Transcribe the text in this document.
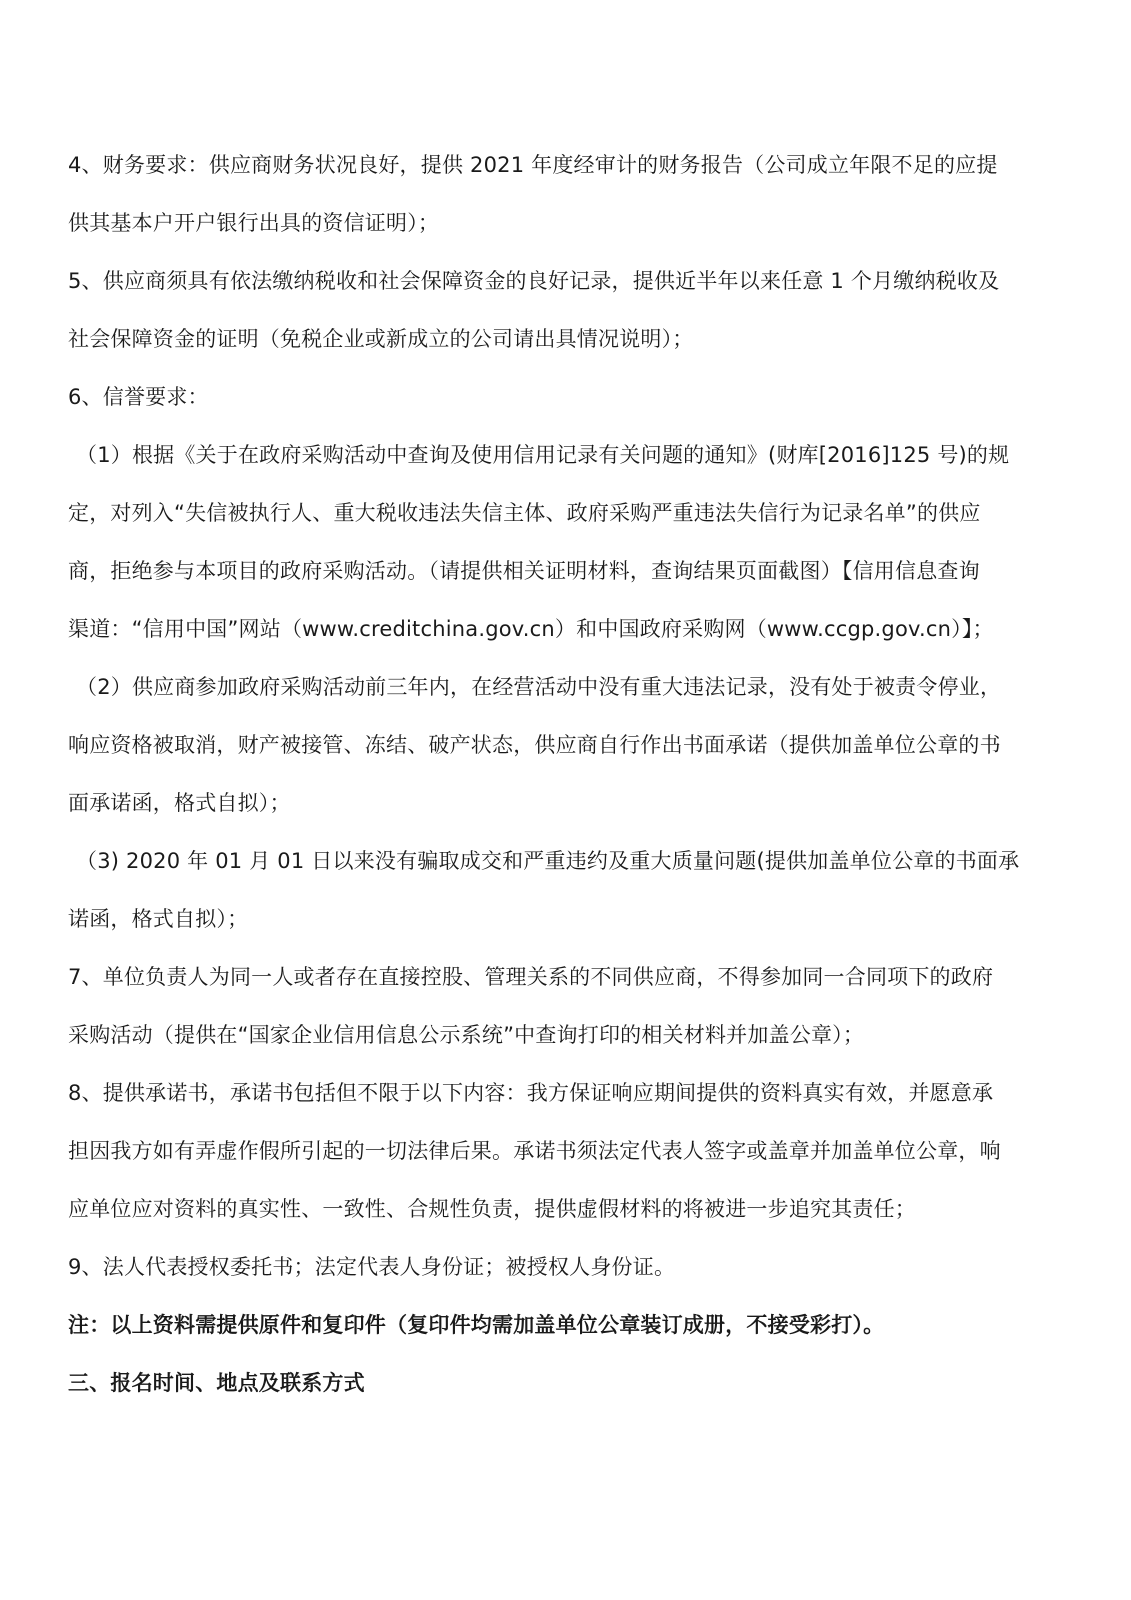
4、财务要求：供应商财务状况良好，提供 2021 年度经审计的财务报告（公司成立年限不足的应提
供其基本户开户银行出具的资信证明）；
5、供应商须具有依法缴纳税收和社会保障资金的良好记录，提供近半年以来任意 1 个月缴纳税收及
社会保障资金的证明（免税企业或新成立的公司请出具情况说明）；
6、信誉要求：
（1）根据《关于在政府采购活动中查询及使用信用记录有关问题的通知》(财库[2016]125 号)的规
定，对列入“失信被执行人、重大税收违法失信主体、政府采购严重违法失信行为记录名单”的供应
商，拒绝参与本项目的政府采购活动。（请提供相关证明材料，查询结果页面截图）【信用信息查询
渠道：“信用中国”网站（www.creditchina.gov.cn）和中国政府采购网（www.ccgp.gov.cn）】；
（2）供应商参加政府采购活动前三年内，在经营活动中没有重大违法记录，没有处于被责令停业，
响应资格被取消，财产被接管、冻结、破产状态，供应商自行作出书面承诺（提供加盖单位公章的书
面承诺函，格式自拟）；
（3) 2020 年 01 月 01 日以来没有骗取成交和严重违约及重大质量问题(提供加盖单位公章的书面承
诺函，格式自拟）；
7、单位负责人为同一人或者存在直接控股、管理关系的不同供应商，不得参加同一合同项下的政府
采购活动（提供在“国家企业信用信息公示系统”中查询打印的相关材料并加盖公章）；
8、提供承诺书，承诺书包括但不限于以下内容：我方保证响应期间提供的资料真实有效，并愿意承
担因我方如有弄虚作假所引起的一切法律后果。承诺书须法定代表人签字或盖章并加盖单位公章，响
应单位应对资料的真实性、一致性、合规性负责，提供虚假材料的将被进一步追究其责任；
9、法人代表授权委托书；法定代表人身份证；被授权人身份证。
注：以上资料需提供原件和复印件（复印件均需加盖单位公章装订成册，不接受彩打）。
三、报名时间、地点及联系方式
